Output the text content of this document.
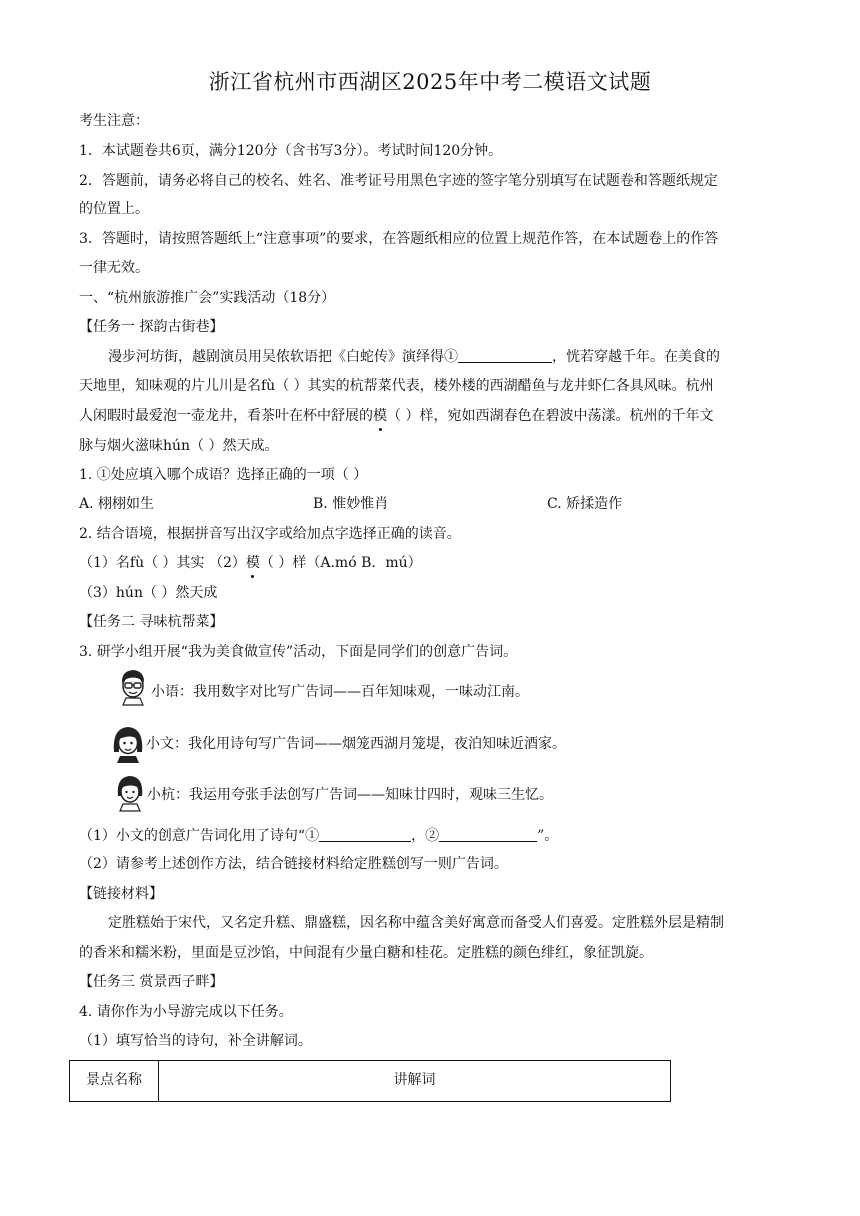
浙江省杭州市西湖区2025年中考二模语文试题
考生注意：
1．本试题卷共6页，满分120分（含书写3分）。考试时间120分钟。
2．答题前，请务必将自己的校名、姓名、准考证号用黑色字迹的签字笔分别填写在试题卷和答题纸规定
的位置上。
3．答题时，请按照答题纸上“注意事项”的要求，在答题纸相应的位置上规范作答，在本试题卷上的作答
一律无效。
一、“杭州旅游推广会”实践活动（18分）
【任务一 探韵古街巷】
漫步河坊街，越剧演员用吴侬软语把《白蛇传》演绎得①	，恍若穿越千年。在美食的
天地里，知味观的片儿川是名fù（ ）其实的杭帮菜代表，楼外楼的西湖醋鱼与龙井虾仁各具风味。杭州
人闲暇时最爱泡一壶龙井，看茶叶在杯中舒展的模（ ）样，宛如西湖春色在碧波中荡漾。杭州的千年文
脉与烟火滋味hún（ ）然天成。
1. ①处应填入哪个成语？选择正确的一项（ ）
A. 栩栩如生	B. 惟妙惟肖	C. 矫揉造作
2. 结合语境，根据拼音写出汉字或给加点字选择正确的读音。
（1）名fù（ ）其实 （2）模（ ）样（A.mó B．mú）
（3）hún（ ）然天成
【任务二 寻味杭帮菜】
3. 研学小组开展“我为美食做宣传”活动，下面是同学们的创意广告词。
小语：我用数字对比写广告词——百年知味观，一味动江南。
小文：我化用诗句写广告词——烟笼西湖月笼堤，夜泊知味近酒家。
小杭：我运用夸张手法创写广告词——知味廿四时，观味三生忆。
（1）小文的创意广告词化用了诗句“①	，②	”。
（2）请参考上述创作方法，结合链接材料给定胜糕创写一则广告词。
【链接材料】
定胜糕始于宋代，又名定升糕、鼎盛糕，因名称中蕴含美好寓意而备受人们喜爱。定胜糕外层是精制
的香米和糯米粉，里面是豆沙馅，中间混有少量白糖和桂花。定胜糕的颜色绯红，象征凯旋。
【任务三 赏景西子畔】
4. 请你作为小导游完成以下任务。
（1）填写恰当的诗句，补全讲解词。
景点名称	讲解词
